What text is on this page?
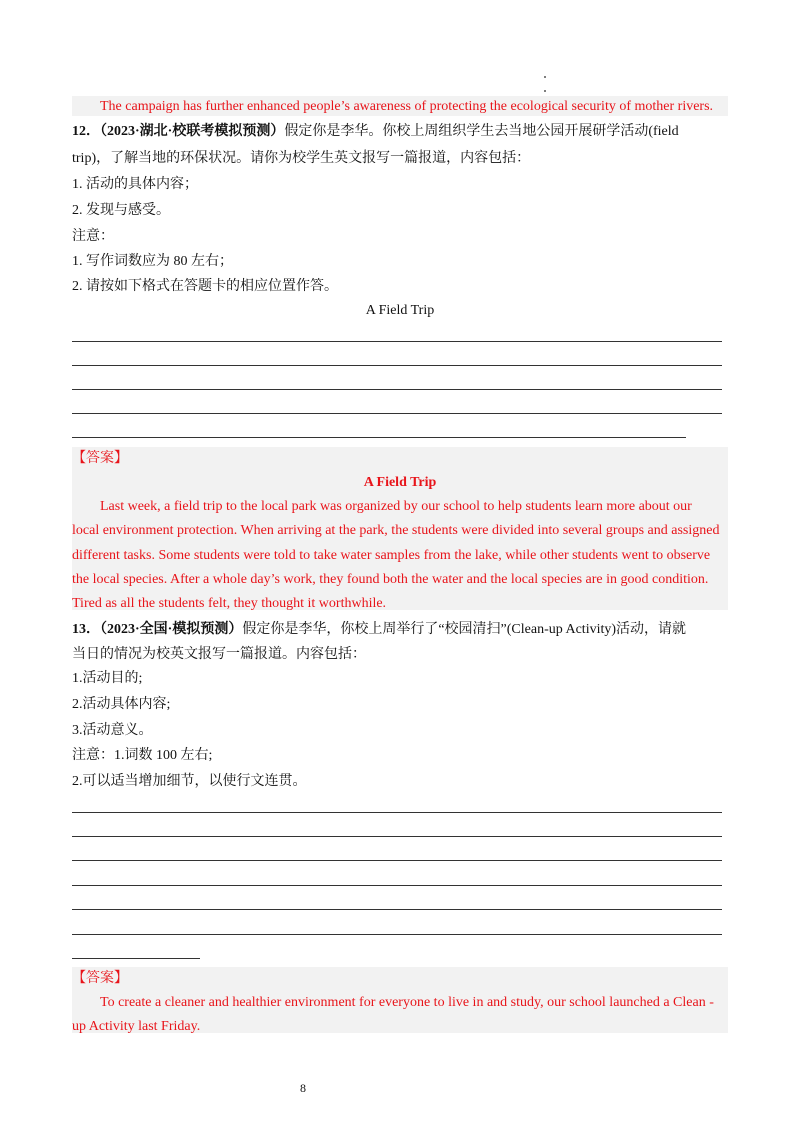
The campaign has further enhanced people’s awareness of protecting the ecological security of mother rivers.
12．（2023·湖北·校联考模拟预测）假定你是李华。你校上周组织学生去当地公园开展研学活动(field
trip)，了解当地的环保状况。请你为校学生英文报写一篇报道，内容包括：
1. 活动的具体内容；
2. 发现与感受。
注意：
1. 写作词数应为 80 左右；
2. 请按如下格式在答题卡的相应位置作答。
A Field Trip
【答案】
A Field Trip
Last week, a field trip to the local park was organized by our school to help students learn more about our
local environment protection. When arriving at the park, the students were divided into several groups and assigned
different tasks. Some students were told to take water samples from the lake, while other students went to observe
the local species. After a whole day’s work, they found both the water and the local species are in good condition.
Tired as all the students felt, they thought it worthwhile.
13．（2023·全国·模拟预测）假定你是李华，你校上周举行了“校园清扫”(Clean-up Activity)活动，请就
当日的情况为校英文报写一篇报道。内容包括：
1.活动目的;
2.活动具体内容;
3.活动意义。
注意：1.词数 100 左右;
2.可以适当增加细节，以使行文连贯。
【答案】
To create a cleaner and healthier environment for everyone to live in and study, our school launched a Clean -
up Activity last Friday.
8
